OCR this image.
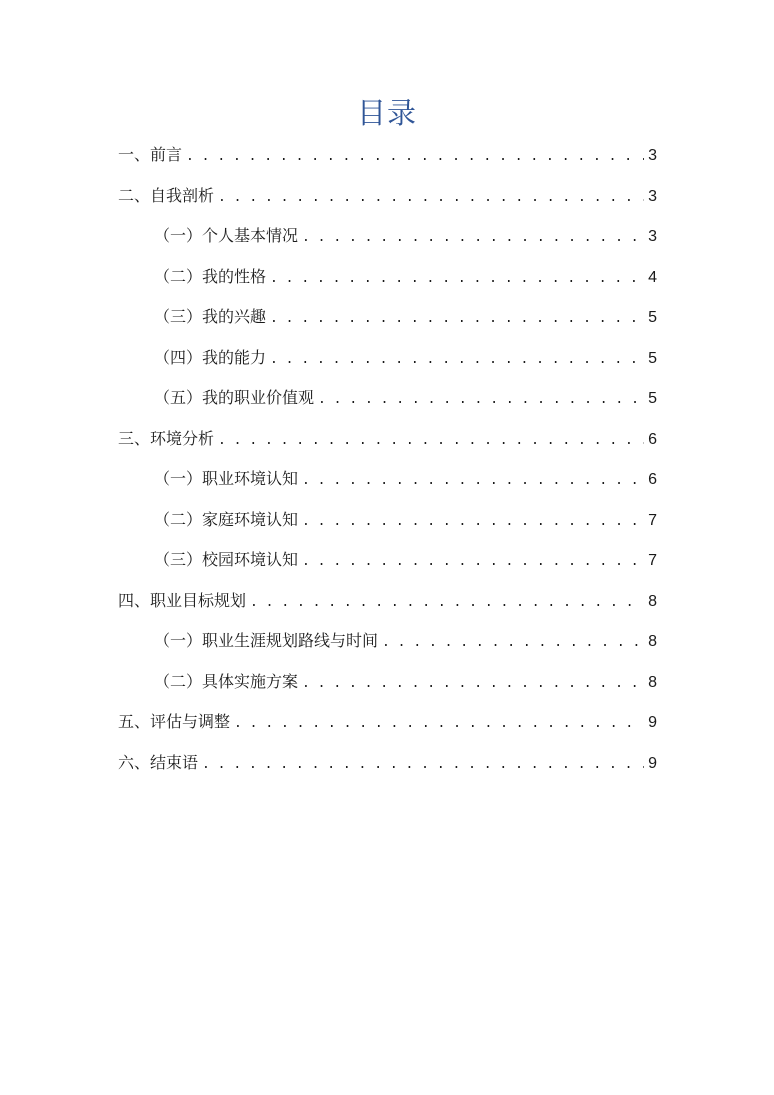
目录
一、前言 . . .	3
二、自我剖析 . . .	3
（一）个人基本情况 . . .	3
（二）我的性格 . . .	4
（三）我的兴趣 . . .	5
（四）我的能力 . . .	5
（五）我的职业价值观 . . .	5
三、环境分析 . . .	6
（一）职业环境认知 . . .	6
（二）家庭环境认知 . . .	7
（三）校园环境认知 . . .	7
四、职业目标规划 . . .	8
（一）职业生涯规划路线与时间 . . .	8
（二）具体实施方案 . . .	8
五、评估与调整 . . .	9
六、结束语 . . .	9
